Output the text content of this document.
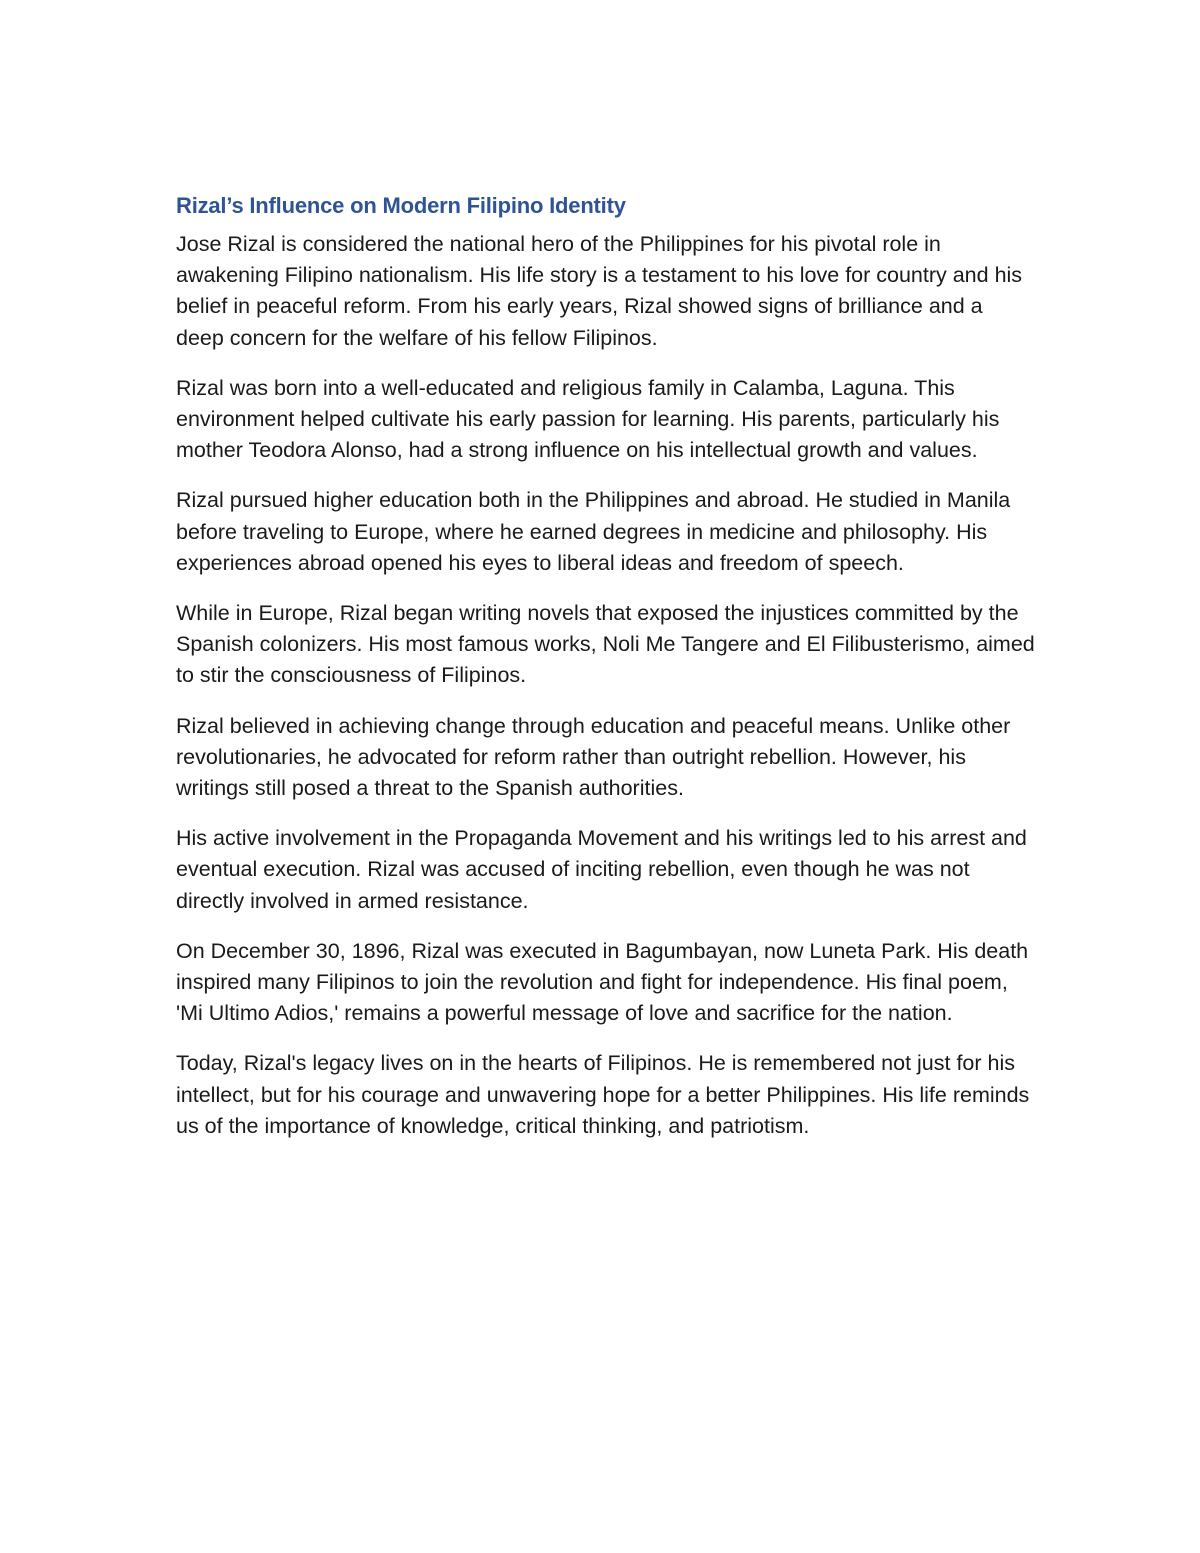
Rizal’s Influence on Modern Filipino Identity

Jose Rizal is considered the national hero of the Philippines for his pivotal role in awakening Filipino nationalism. His life story is a testament to his love for country and his belief in peaceful reform. From his early years, Rizal showed signs of brilliance and a deep concern for the welfare of his fellow Filipinos.

Rizal was born into a well-educated and religious family in Calamba, Laguna. This environment helped cultivate his early passion for learning. His parents, particularly his mother Teodora Alonso, had a strong influence on his intellectual growth and values.

Rizal pursued higher education both in the Philippines and abroad. He studied in Manila before traveling to Europe, where he earned degrees in medicine and philosophy. His experiences abroad opened his eyes to liberal ideas and freedom of speech.

While in Europe, Rizal began writing novels that exposed the injustices committed by the Spanish colonizers. His most famous works, Noli Me Tangere and El Filibusterismo, aimed to stir the consciousness of Filipinos.

Rizal believed in achieving change through education and peaceful means. Unlike other revolutionaries, he advocated for reform rather than outright rebellion. However, his writings still posed a threat to the Spanish authorities.

His active involvement in the Propaganda Movement and his writings led to his arrest and eventual execution. Rizal was accused of inciting rebellion, even though he was not directly involved in armed resistance.

On December 30, 1896, Rizal was executed in Bagumbayan, now Luneta Park. His death inspired many Filipinos to join the revolution and fight for independence. His final poem, 'Mi Ultimo Adios,' remains a powerful message of love and sacrifice for the nation.

Today, Rizal's legacy lives on in the hearts of Filipinos. He is remembered not just for his intellect, but for his courage and unwavering hope for a better Philippines. His life reminds us of the importance of knowledge, critical thinking, and patriotism.
